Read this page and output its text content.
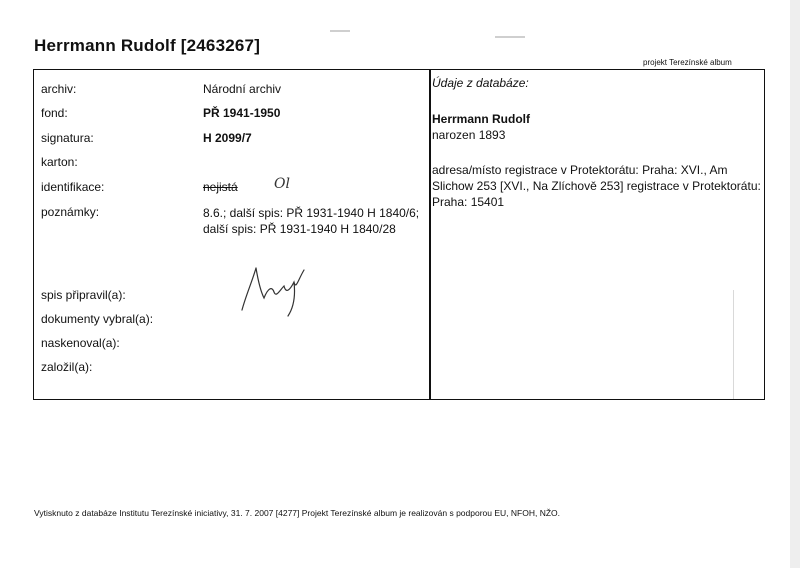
Herrmann Rudolf [2463267]
projekt Terezínské album
archiv:	Národní archiv
fond:	PŘ 1941-1950
signatura:	H 2099/7
karton:
identifikace:	nejistá	Ol
poznámky:	8.6.; další spis: PŘ 1931-1940 H 1840/6; další spis: PŘ 1931-1940 H 1840/28
spis připravil(a):
dokumenty vybral(a):
naskenoval(a):
založil(a):
Údaje z databáze:
Herrmann Rudolf
narozen 1893
adresa/místo registrace v Protektorátu: Praha: XVI., Am Slichow 253 [XVI., Na Zlíchově 253] registrace v Protektorátu: Praha: 15401
Vytisknuto z databáze Institutu Terezínské iniciativy, 31. 7. 2007 [4277] Projekt Terezínské album je realizován s podporou EU, NFOH, NŽO.
